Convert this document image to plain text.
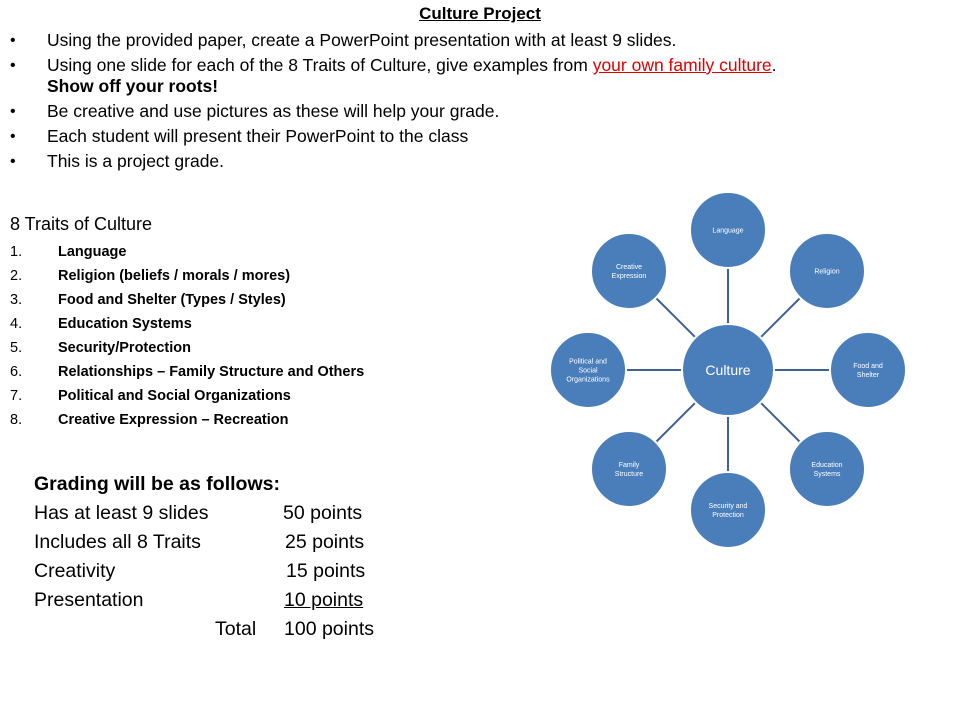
Culture Project
• Using the provided paper, create a PowerPoint presentation with at least 9 slides.
• Using one slide for each of the 8 Traits of Culture, give examples from your own family culture.
Show off your roots!
• Be creative and use pictures as these will help your grade.
• Each student will present their PowerPoint to the class
• This is a project grade.
8 Traits of Culture
1. Language
2. Religion (beliefs / morals / mores)
3. Food and Shelter (Types / Styles)
4. Education Systems
5. Security/Protection
6. Relationships – Family Structure and Others
7. Political and Social Organizations
8. Creative Expression – Recreation
Grading will be as follows:
Has at least 9 slides	50 points
Includes all 8 Traits	25 points
Creativity	15 points
Presentation	10 points
Total 100 points
Language
Religion
Food and
Shelter
Education
Systems
Security and
Protection
Family
Structure
Political and
Social
Organizations
Creative
Expression
Culture
